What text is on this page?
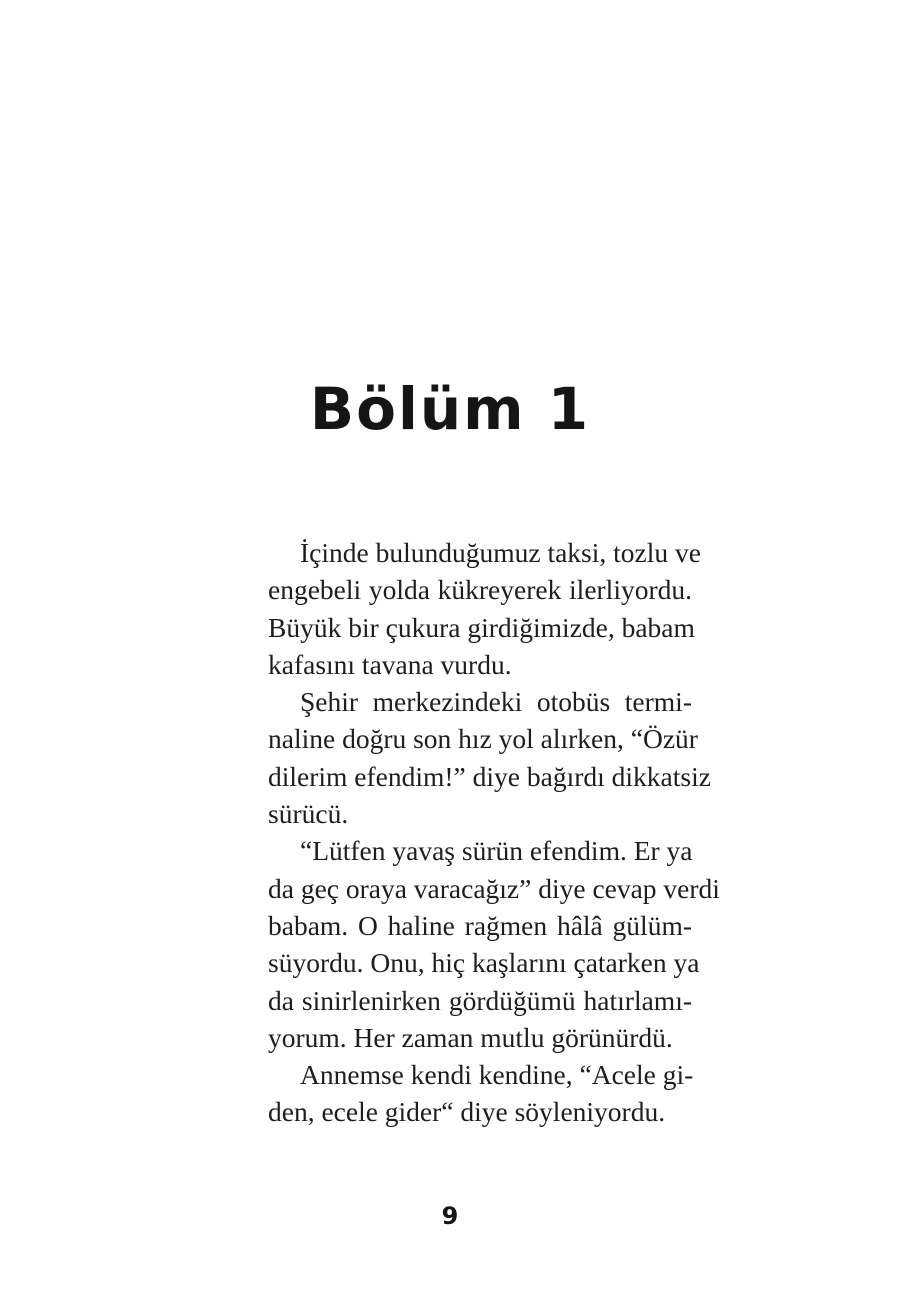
Bölüm 1

İçinde bulunduğumuz taksi, tozlu ve
engebeli yolda kükreyerek ilerliyordu.
Büyük bir çukura girdiğimizde, babam
kafasını tavana vurdu.

Şehir merkezindeki otobüs termi-
naline doğru son hız yol alırken, “Özür
dilerim efendim!” diye bağırdı dikkatsiz
sürücü.

“Lütfen yavaş sürün efendim. Er ya
da geç oraya varacağız” diye cevap verdi
babam. O haline rağmen hâlâ gülüm-
süyordu. Onu, hiç kaşlarını çatarken ya
da sinirlenirken gördüğümü hatırlamı-
yorum. Her zaman mutlu görünürdü.

Annemse kendi kendine, “Acele gi-
den, ecele gider“ diye söyleniyordu.

9
